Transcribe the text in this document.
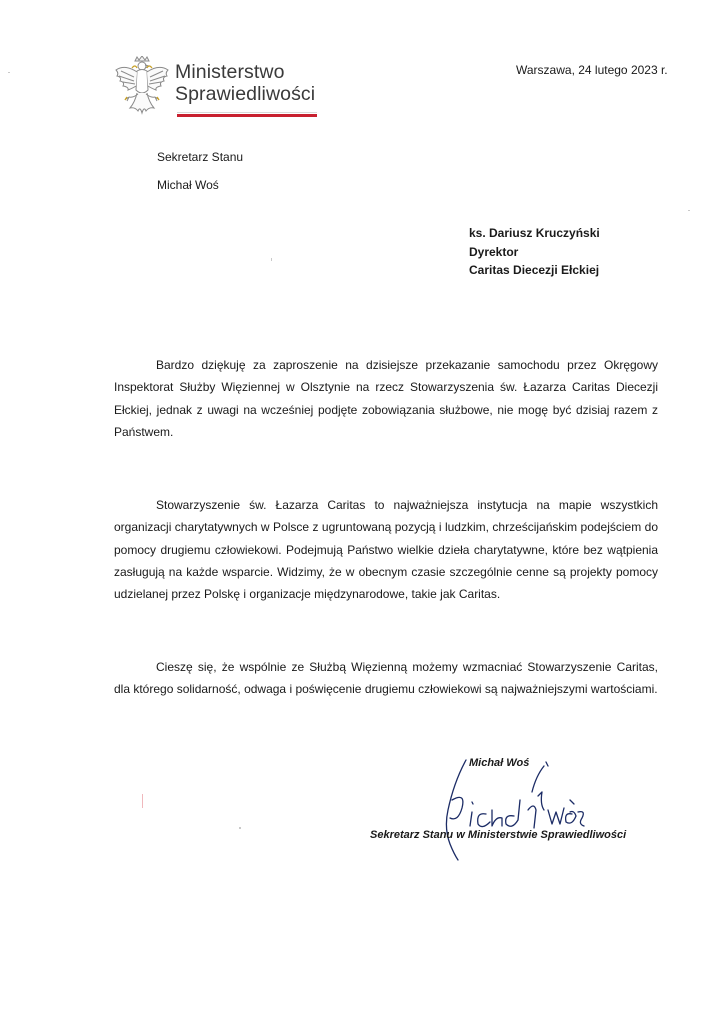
Ministerstwo
Sprawiedliwości
Warszawa, 24 lutego 2023 r.
Sekretarz Stanu
Michał Woś
ks. Dariusz Kruczyński
Dyrektor
Caritas Diecezji Ełckiej

Bardzo dziękuję za zaproszenie na dzisiejsze przekazanie samochodu przez Okręgowy Inspektorat Służby Więziennej w Olsztynie na rzecz Stowarzyszenia św. Łazarza Caritas Diecezji Ełckiej, jednak z uwagi na wcześniej podjęte zobowiązania służbowe, nie mogę być dzisiaj razem z Państwem.

Stowarzyszenie św. Łazarza Caritas to najważniejsza instytucja na mapie wszystkich organizacji charytatywnych w Polsce z ugruntowaną pozycją i ludzkim, chrześcijańskim podejściem do pomocy drugiemu człowiekowi. Podejmują Państwo wielkie dzieła charytatywne, które bez wątpienia zasługują na każde wsparcie. Widzimy, że w obecnym czasie szczególnie cenne są projekty pomocy udzielanej przez Polskę i organizacje międzynarodowe, takie jak Caritas.

Cieszę się, że wspólnie ze Służbą Więzienną możemy wzmacniać Stowarzyszenie Caritas, dla którego solidarność, odwaga i poświęcenie drugiemu człowiekowi są najważniejszymi wartościami.

Michał Woś
Sekretarz Stanu w Ministerstwie Sprawiedliwości
